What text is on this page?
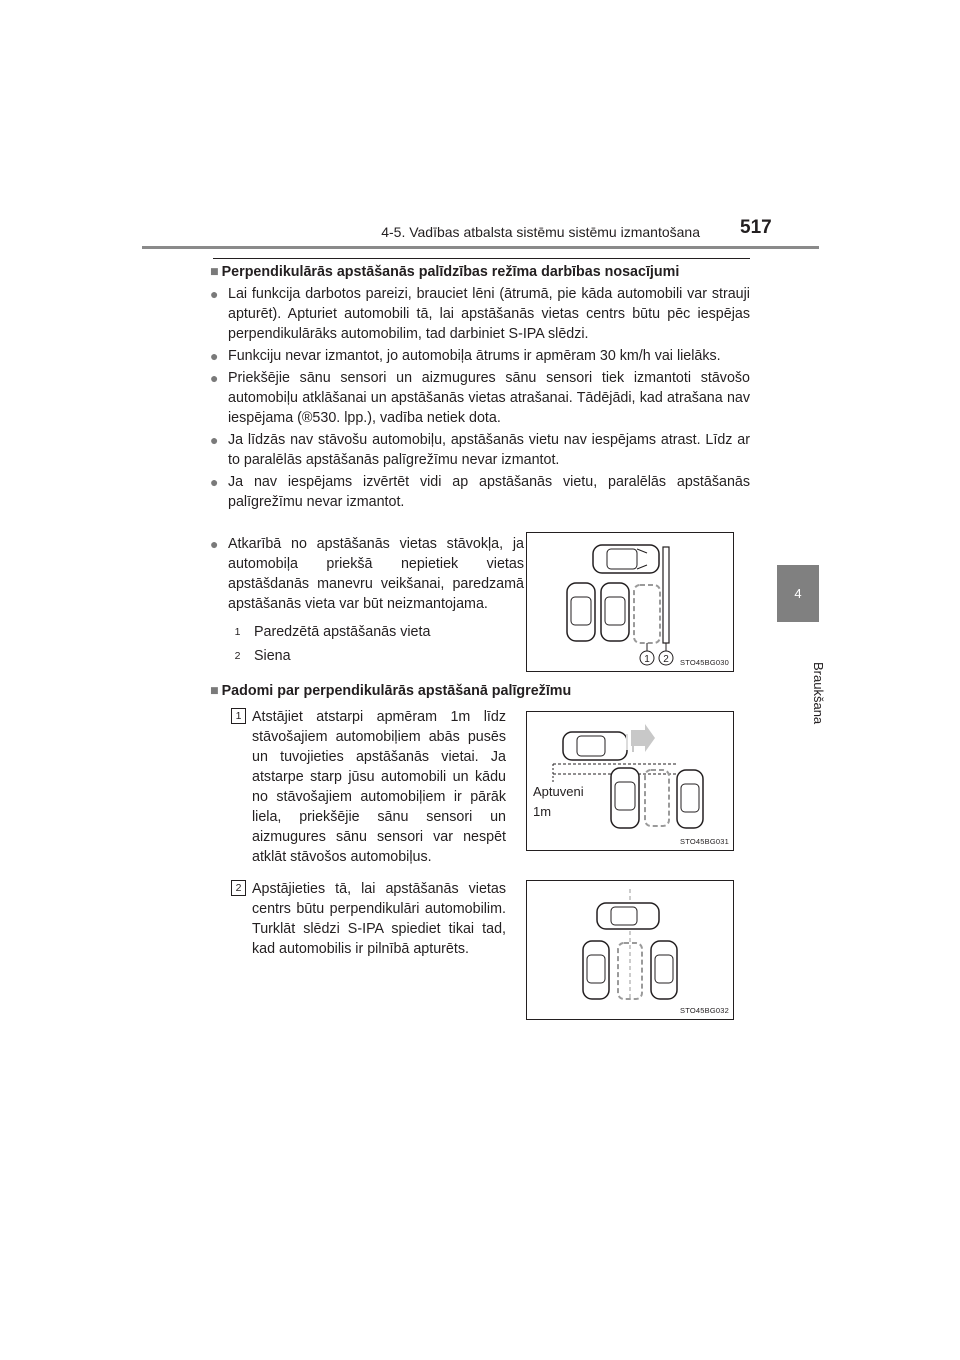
4-5. Vadības atbalsta sistēmu sistēmu izmantošana 517
4
Braukšana
■ Perpendikulārās apstāšanās palīdzības režīma darbības nosacījumi
● Lai funkcija darbotos pareizi, brauciet lēni (ātrumā, pie kāda automobili var strauji apturēt). Apturiet automobili tā, lai apstāšanās vietas centrs būtu pēc iespējas perpendikulārāks automobilim, tad darbiniet S-IPA slēdzi.
● Funkciju nevar izmantot, jo automobiļa ātrums ir apmēram 30 km/h vai lielāks.
● Priekšējie sānu sensori un aizmugures sānu sensori tiek izmantoti stāvošo automobiļu atklāšanai un apstāšanās vietas atrašanai. Tādējādi, kad atrašana nav iespējama (®530. lpp.), vadība netiek dota.
● Ja līdzās nav stāvošu automobiļu, apstāšanās vietu nav iespējams atrast. Līdz ar to paralēlās apstāšanās palīgrežīmu nevar izmantot.
● Ja nav iespējams izvērtēt vidi ap apstāšanās vietu, paralēlās apstāšanās palīgrežīmu nevar izmantot.
● Atkarībā no apstāšanās vietas stāvokļa, ja automobiļa priekšā nepietiek vietas apstāšdanās manevru veikšanai, paredzamā apstāšanās vieta var būt neizmantojama.
1 Paredzētā apstāšanās vieta
2 Siena	1 2 STO45BG030
■ Padomi par perpendikulārās apstāšanā palīgrežīmu
1 Atstājiet atstarpi apmēram 1m līdz stāvošajiem automobiļiem abās pusēs un tuvojieties apstāšanās vietai. Ja atstarpe starp jūsu automobili un kādu no stāvošajiem automobiļiem ir pārāk liela, priekšējie sānu sensori un aizmugures sānu sensori var nespēt atklāt stāvošos automobiļus.
Aptuveni
1m
STO45BG031
2 Apstājieties tā, lai apstāšanās vietas centrs būtu perpendikulāri automobilim. Turklāt slēdzi S-IPA spiediet tikai tad, kad automobilis ir pilnībā apturēts.
STO45BG032
